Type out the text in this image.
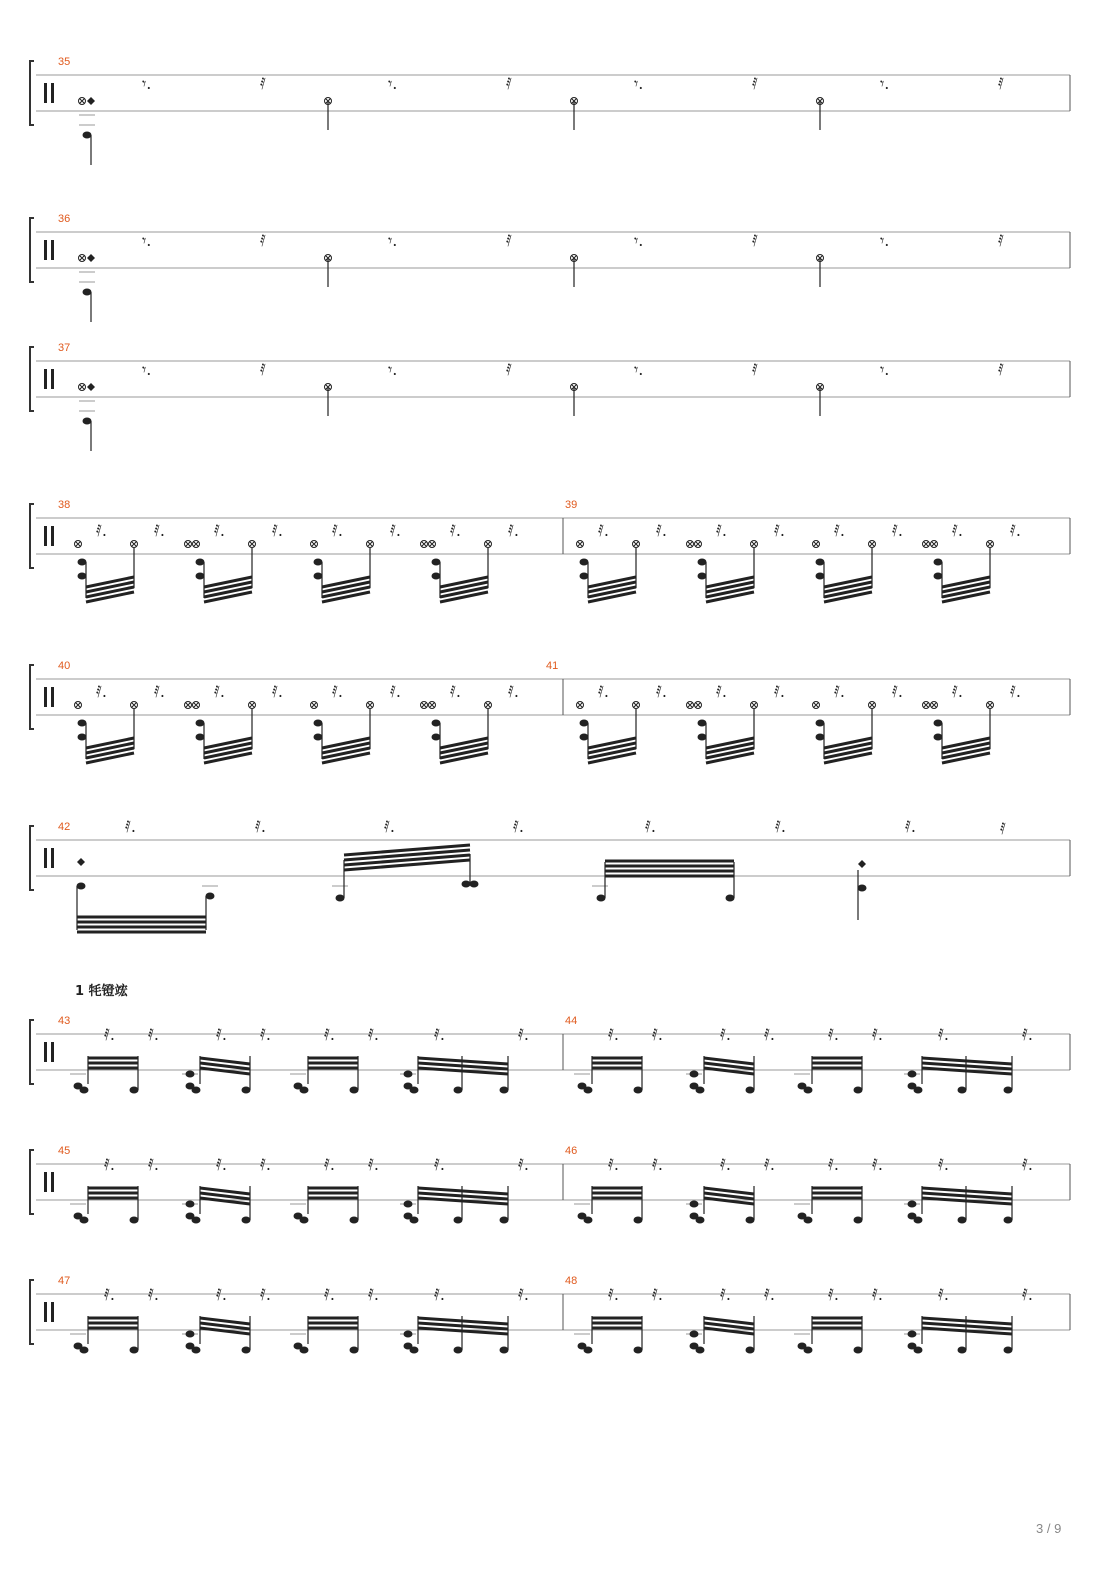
35
𝄾.	𝅀	𝄾.	𝅀	𝄾.	𝅀	𝄾.	𝅀
36
𝄾.	𝅀	𝄾.	𝅀	𝄾.	𝅀	𝄾.	𝅀
37
𝄾.	𝅀	𝄾.	𝅀	𝄾.	𝅀	𝄾.	𝅀
38	39
𝅀.	𝅀.	𝅀.	𝅀.	𝅀.	𝅀.	𝅀.	𝅀.	𝅀.	𝅀.	𝅀.	𝅀.	𝅀.	𝅀.	𝅀.	𝅀.
40	41
𝅀.	𝅀.	𝅀.	𝅀.	𝅀.	𝅀.	𝅀.	𝅀.	𝅀.	𝅀.	𝅀.	𝅀.	𝅀.	𝅀.	𝅀.	𝅀.
42	𝅀.	𝅀.	𝅀.	𝅀.	𝅀.	𝅀.	𝅀.	𝅀
43	44
𝅀. 𝅀.	𝅀. 𝅀.	𝅀. 𝅀.	𝅀.	𝅀.	𝅀. 𝅀.	𝅀. 𝅀.	𝅀. 𝅀.	𝅀.	𝅀.
45	46
𝅀. 𝅀.	𝅀. 𝅀.	𝅀. 𝅀.	𝅀.	𝅀.	𝅀. 𝅀.	𝅀. 𝅀.	𝅀. 𝅀.	𝅀.	𝅀.
47	48
𝅀. 𝅀.	𝅀. 𝅀.	𝅀. 𝅀.	𝅀.	𝅀.	𝅀. 𝅀.	𝅀. 𝅀.	𝅀. 𝅀.	𝅀.	𝅀.
1 牦镫竤
3 / 9
